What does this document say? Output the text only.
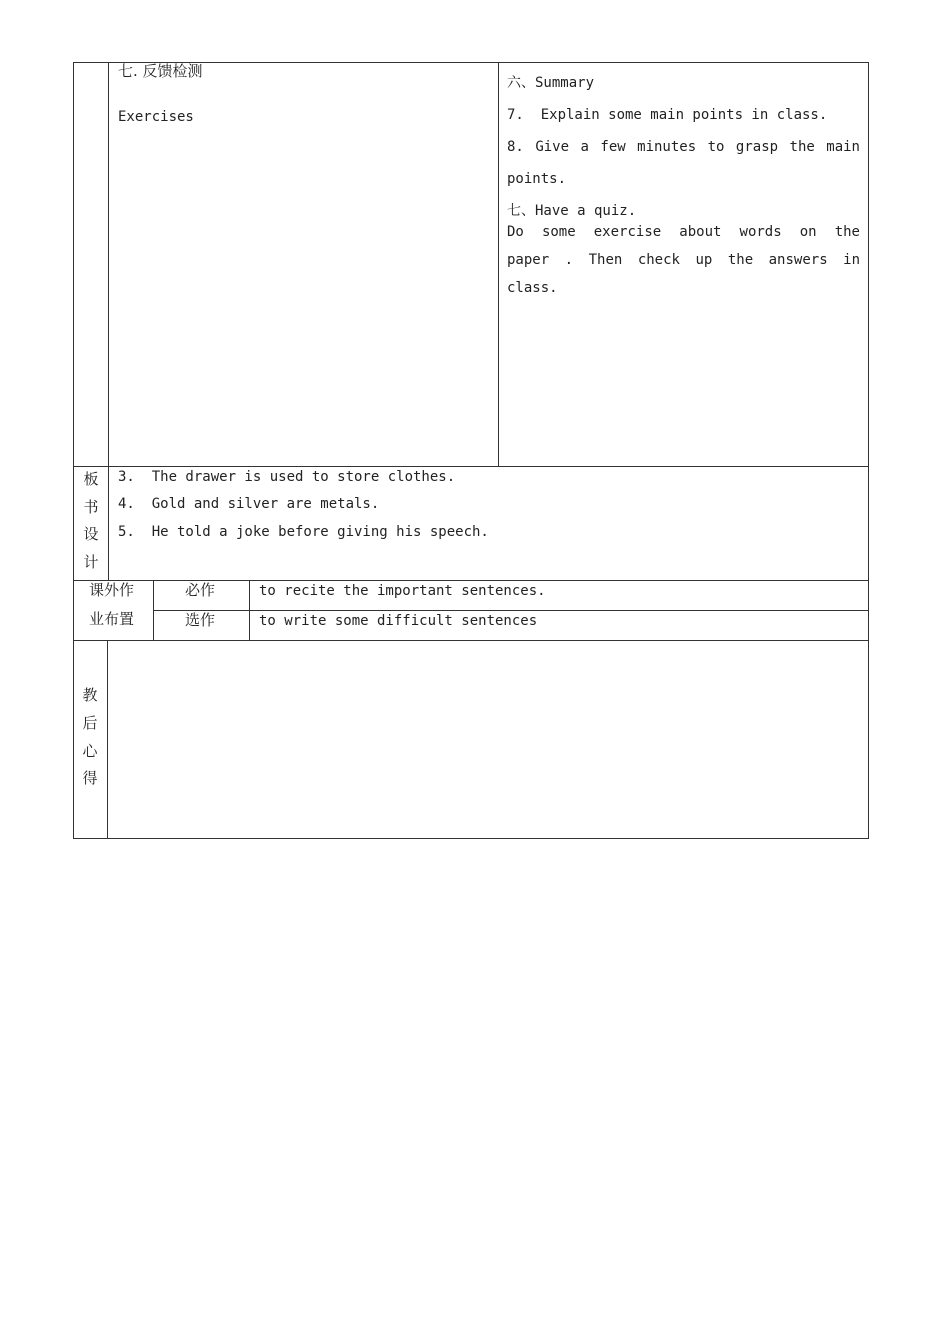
七. 反馈检测
Exercises
六、Summary
7.  Explain some main points in class.
8. Give a few minutes to grasp the main
points.
七、Have a quiz.
Do some exercise about words on the
paper . Then check up the answers in
class.
板
书
设
计
3.  The drawer is used to store clothes.
4.  Gold and silver are metals.
5.  He told a joke before giving his speech.
课外作
业布置
必作	to recite the important sentences.
选作	to write some difficult sentences
教
后
心
得
